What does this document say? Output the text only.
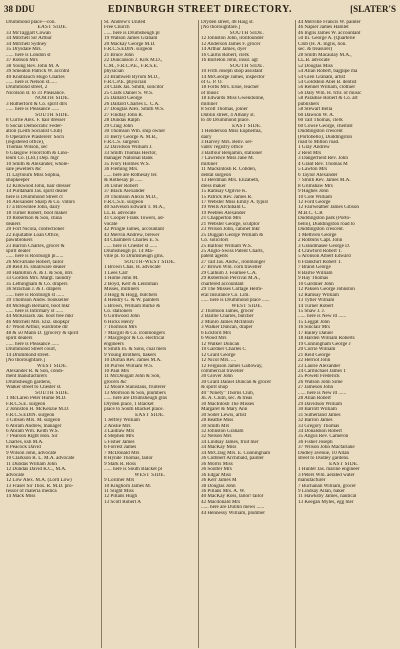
38 DDU	EDINBURGH STREET DIRECTORY.	[SLATER'S
Drummond place—con.
EAST SIDE.
33 McTaggart Cowan
34 Mitchell Sir Arthur
34 Mitchell Sydney
35 Drysdale Mrs.
...... here is London st
37 Robson Mrs
38 Young Rev. John M. A
39 Smeaton Patrick W. accntnt
40 Knoblauch Hugo Charles
...... here is Nelson st......
Drummond street, 2
Nicolson st. to 31 Pleasance.
NORTH SIDE.
3 Rutherford & Co. spirit dlrs
...... here is Pleasance ......
SOUTH SIDE.
8 Currie Alex. F. hair dresser
6 Social Democratic Feder-
ation (Leith Socialist Club)
6 Operative Plasterers' Socn
(registered office),
Thomas Wilson, sec
6 Glasgow Floorcloth & Lino-
leum Co. (Ltd.) Dep. mgr
10 Smith & Alexander, whole-
sale jewellers &c
11 Laybourn Miss Sophia,
shopkeeper
12 Kirkwood John, hair dresser
14 Purdaham Jas. spirit dealer
here is Drummond Street ct
16 Alexander Sharp & Co. vntnrs
17 a Brownlee John, dairy
18 Turner Robert, boot maker
19 Robertson & Son, china
dealers
20 Fort Nicola, confectioner
22 Equitable Loan Office,
pawnbrokers
23 Barron Charles, grocer &
spirit dealer
...... here is Roxburgh pl......
26 McFarlane Robert, tailor
28 Reid Jn. smallware dealer
30 Hamilton A. & J. & Son, ntrs
33 Gordon Mrs. Margt. laundry
35 Lethingham & Co. drapers
36 Strachan J. & J. drapers
...... here is Roxburgh st ......
39 Thomson Andw. bookseller
40 McHugh Bernard, boot mkr
...... here is Infirmary st ......
44 McKissack Jas. boot tree mkr
46 Mitchell Mrs. Eliz. shopkpr
47 Wood Arthur, wardrobe dlr
48 & 50 Mann D. (grocery & spirit
spirit dealers
...... here is Pleasance ......
Drummond Street court,
14 Drummond street.
[No thoroughfare.]
WEST SIDE.
Alexander R. & Son, condi-
ment manufacturers
Drumsheugh gardens,
Walker street to Chester st.
SOUTH SIDE.
1 McLaren Peter Hume M.D.
F.R.C.S.E. surgeon
2 Johnston H. McKenzie M.D.
F.R.C.S.EDIN. surgeon
3 Gibson Mrs. M. surgeon
6 Abram Andrew, manager
6 Abram Wm. Keith W.S.
7 Pearson Right Hon. Sir
Charles, ksh M.A.
8 Peacock David
9 Wilson John, advocate
10 Clarkson R. L. M.A. advocate
11 Dundas William John
12 Dundas David K.C., M.A.
advocate
12 Low Alex. M.A. (Lord Low)
13 Fraser Sir Thos. R. M.D. pro-
fessor of materia medica
14 Mack Miss
St. Andrew's United
Free Church
...... here is Drumsheugh pl
19 Watson James Graham
20 Mackay George M.D.
F.R.C.S.EDIN. surgeon
21 Bruce John
22 Duncanson J. Kirk M.D.,
C.M., F.R.C.P.E., F.R.S.E.
physician
23 Bramwell Byrom M.D.,
F.R.C.P.E. physician
24 Clark Jas. Smith, solicitor
25 Clark Daniel S. W.S.
25 Dallard George
26 Dallard Charles L. C.A.
27 Douglas Alex. Smith W.S.
27 Findlay John R.
28 Dundas Ralph
29 Craig John
30 Thomson Wm. ship owner
31 Berry George A. M.B.,
F.R.C.S. surgeon
32 Davidson William J.
33 Smith Thomas Hector,
manager National Bank
35 Ivory Holmes W.S.
36 Fleming Mrs.
...... here are Rothesay ter.
& Rothesay pl ......
36 Usher Robert
37 Black Alexander
39 Thomson Alexis M.D.,
F.R.C.S.E. surgeon
40 Salveson Edward T. M.A.,
LL.B. advocate
41 Cooper Frank Towers, ad-
vocate
42 Pringle James, accountant
43 Melvin Andrew, brewer
44 Chambers Charles E. S.
...... here is Chester st ......
Drumsheugh pl. 14 Ma-
ville pl. to Drumsheugh glns.
SOUTH-WEST SIDE.
1 Brown Chas. H. advocate
1 Lees Carr
1 Home John M.
2 Boyd, Kerr & Leishman
Misses, milliners
3 Hogg & Hogg, butchers
4 Hendry G. & W. painters
5 Brown, William Burke &
Co. stationers
6 Girdwood John
6 Hicks Henry
7 Thomson Mrs
7 Macgill & Co. ironmongers
7 Macgregor & Co. electrical
engineers
8 Smith Jn. & Sons, coal mers
9 Young Brothers, bakers
10 Durran Rev. James M.A.
10 Purves William W.S.
10 Paul Mrs
11 McDougall John & Son,
grocers &c
12 Moore Stanislaus, fruiterer
13 Morrison & Son, plumbers
...... here are Drumsheugh glns
Dryden place, 1 Blacket
place to South Blacket place.
EAST SIDE.
1 Jeffrey William
2 Anslie Mrs
3 Laidlaw Mrs
4 Stephen Mrs
5 Fisher James
6 Forrest James
7 McDonald Mrs
8 Hynde Thomas, tailor
9 Stark R. Ross
...... here is South Blacket pl
WEST SIDE.
9 Lorimer Mrs
10 Kinghorn James M.
11 Slight Miss
12 Pillans Hugh
13 Scott Robert A
Dryden street, 48 Haig st.
[No thoroughfare.]
SOUTH SIDE.
12 Johnston John, ironfounder
12 Anderson James F. grocer
14 Arthur James, dyer
16 Cairns Robert, clerk
16 Burleton John, insur. agt
SOUTH SIDE.
10 Frith Joseph shop assistant
14 McGeorge James, inspector
of G. P. O.
18 Forbs Mrs. Elsie, teacher
of music
18 Edwards Miss Gwendoline,
milliner
8 Scott Thomas, joiner
Dublin street, 4 Albany st.
to 40 Drummond place.
EAST SIDE.
1 Henderson Miss Euphemia,
dairy
3 Harvey Mrs. Benv. ser-
vants' registry office
3 Balfour Benjamin, stationer
7 Lawrence Miss Jane M.
milliner
11 Mackintosh R. Cobden,
dental surgeon
13 Herdman Mrs. Elizabeth,
dress maker
15 Ramsay Ogilvie K.
15 Patrick Rev. James R.
17 Webster Miss Emily A. typist
19 Wells Archibald C.
19 Peebles Alexander
21 Chapperton Mrs
21 Webster George, sculptor
23 Wilson John, cabinet mkr
25 Duggan George William &
Co. solicitors
25 Balfour William W.S.
25 Anglo-Swiss Patent Charts,
patent agents
27 Tait Jas. Andw., ironmonger
27 Brown Wm. corn traveller
29 Calhum J. Fearnee C.A.
29 Robertson Percival M.A.,
chartered accountant
29 The Misses Cottage Herm-
eral Insurance Co. Lim.
...... here is Drummond place ......
WEST SIDE.
2 Thomson James, grocer
2 Baillie Charles, butcher
2 Munro James McIntosh
3 Walker Duncan, draper
6 Eckford Mrs
6 Wood Mrs
12 Walker Duncan
10 Gardner Charles C
12 Grant George
12 Nicol Mrs. ....
12 Ferguson James Galloway,
commercial traveller
30 Glover John
30 Grant Daniel Duncan & grocer
& spirit shop
40 "Ninety" Thorns Club,
Jn. A. Clum, sec. & treas
30 MacIntosh The Misses
Margaret & Mary Ann
30 Soder Lewis, artist
28 Beattie Miss
30 Smith Mrs
32 Johnston Graham
32 Nelson Mrs
34 Lindsay James, fruit mer
34 MacKay Miss
34 McCraig Mrs. E. Cunningham
36 Cuthbert Archibald, painter
36 Morris Miss
36 Soutter Mrs
36 Edgar Miss
36 Kerr James M
38 Douglas John
36 Pillans Mrs. A. W.
40 MacKay Ross, tailor/ tailor
42 Macdonald Mrs
...... here are Dublin mews ......
44 Hennessy William, plumber
44 Melville Francis W. painter
46 Napier James Hamlet
46 Inglis James W. accountant
50 Ili. George A. (Quarterie
Club (H. A. Inglis, hon.
sec. & treasurer)
28 Smith Macaulay M.A.,
LL.B. advocate
52 Douglas Miss
54 Allan Robert, bagpipe ma
54 Glen Graham, artist
54 Goldstein Abel B. dentist
56 Rennet William, clothier
56 Daly Wm. H. tchr. of music
58 Paradise Robert & Co. art
publishers
58 Stewart Bella
60 Dawson W. A.
60 Tait Thomas, clerk
60 Cowie George, chemist
Duddingston crescent
(Portobello), Duddingston
road to Milton road.
1 Gray Andrew
2 Reid Mrs
3 Dangerfield Rev. John
4 Grant Rev. Thomas M
5 Lawton Mrs
6 Taylor Alexander
7 Smith Rev. James M.A.
8 Grimshaw Mrs
9 Hughes John
10 Cole William
12 Ford George
12 Fairweather James Gibson
M.B.C. C.R
Duddingston park (Porto-
bello), Duddingston road to
Duddingston crescent.
1 Methven George
2 Robbins Capt. John
3 Grandmasee George D.
4 Crawford Robert T.
5 Aronson Albert Edward
6 Frankfurt Robert T.
7 Brand George
8 Barrie William
9 Hay Thomas
10 Gardiner John
12 Paksen George Johnston
12 Ramsay William
13 Tytler William
14 Turner Robert
15 Shaw J. J.
...... here is New rd ......
15 Leggat John
16 Sinclair Mrs
17 Bailey Daniel
18 Harden William Roberts
19 Cunningham George J
20 Currie William
21 Reid George
22 Herriot John
23 Laurie Alexander
24 Carmichael James T
25 Powell Frederick
26 Watson John Sime
27 Jameson John
...... here is New rd ......
28 Allan Robert
29 Davidson William
30 Barrott William
31 Sutherland James
32 Barron James
33 Gregory Thomas
34 Donaldson Robert
35 Angus Rev. Cameron
36 Fisher Joseph
37 Wilson John Macfarlane
Dudley avenue, 10 Allan
street to Dudley gardens.
EAST SIDE.
1 Hunter Jas. marine engineer
3 Peters Wm. aerated water
manufacturer
7 Buchanan William, grocer
9 Lindsay Allan, baker
11 Hawksby James, nautical
13 Keegan Myles, egg mer
